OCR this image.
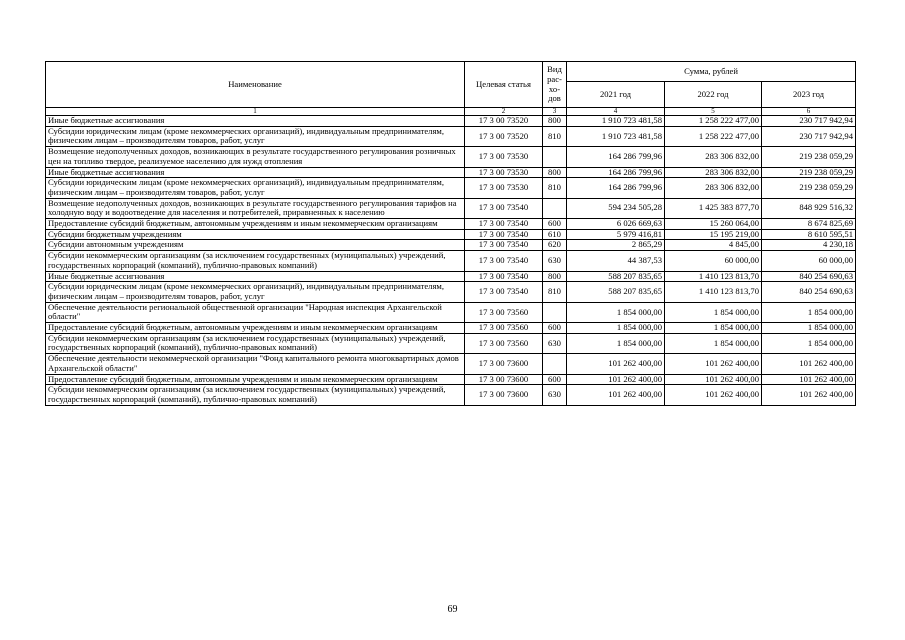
Наименование	Целевая статья	Вид
рас-
хо-
дов	Сумма, рублей		
			2021 год	2022 год	2023 год
1	2	3	4	5	6
Иные бюджетные ассигнования	17 3 00 73520	800	1 910 723 481,58	1 258 222 477,00	230 717 942,94
Субсидии юридическим лицам (кроме некоммерческих организаций), индивидуальным предпринимателям, физическим лицам – производителям товаров, работ, услуг	17 3 00 73520	810	1 910 723 481,58	1 258 222 477,00	230 717 942,94
Возмещение недополученных доходов, возникающих в результате государственного регулирования розничных цен на топливо твердое, реализуемое населению для нужд отопления	17 3 00 73530		164 286 799,96	283 306 832,00	219 238 059,29
Иные бюджетные ассигнования	17 3 00 73530	800	164 286 799,96	283 306 832,00	219 238 059,29
Субсидии юридическим лицам (кроме некоммерческих организаций), индивидуальным предпринимателям, физическим лицам – производителям товаров, работ, услуг	17 3 00 73530	810	164 286 799,96	283 306 832,00	219 238 059,29
Возмещение недополученных доходов, возникающих в результате государственного регулирования тарифов на холодную воду и водоотведение для населения и потребителей, приравненных к населению	17 3 00 73540		594 234 505,28	1 425 383 877,70	848 929 516,32
Предоставление субсидий бюджетным, автономным учреждениям и иным некоммерческим организациям	17 3 00 73540	600	6 026 669,63	15 260 064,00	8 674 825,69
Субсидии бюджетным учреждениям	17 3 00 73540	610	5 979 416,81	15 195 219,00	8 610 595,51
Субсидии автономным учреждениям	17 3 00 73540	620	2 865,29	4 845,00	4 230,18
Субсидии некоммерческим организациям (за исключением государственных (муниципальных) учреждений, государственных корпораций (компаний), публично-правовых компаний)	17 3 00 73540	630	44 387,53	60 000,00	60 000,00
Иные бюджетные ассигнования	17 3 00 73540	800	588 207 835,65	1 410 123 813,70	840 254 690,63
Субсидии юридическим лицам (кроме некоммерческих организаций), индивидуальным предпринимателям, физическим лицам – производителям товаров, работ, услуг	17 3 00 73540	810	588 207 835,65	1 410 123 813,70	840 254 690,63
Обеспечение деятельности региональной общественной организации "Народная инспекция Архангельской области"	17 3 00 73560		1 854 000,00	1 854 000,00	1 854 000,00
Предоставление субсидий бюджетным, автономным учреждениям и иным некоммерческим организациям	17 3 00 73560	600	1 854 000,00	1 854 000,00	1 854 000,00
Субсидии некоммерческим организациям (за исключением государственных (муниципальных) учреждений, государственных корпораций (компаний), публично-правовых компаний)	17 3 00 73560	630	1 854 000,00	1 854 000,00	1 854 000,00
Обеспечение деятельности некоммерческой организации "Фонд капитального ремонта многоквартирных домов Архангельской области"	17 3 00 73600		101 262 400,00	101 262 400,00	101 262 400,00
Предоставление субсидий бюджетным, автономным учреждениям и иным некоммерческим организациям	17 3 00 73600	600	101 262 400,00	101 262 400,00	101 262 400,00
Субсидии некоммерческим организациям (за исключением государственных (муниципальных) учреждений, государственных корпораций (компаний), публично-правовых компаний)	17 3 00 73600	630	101 262 400,00	101 262 400,00	101 262 400,00
69
